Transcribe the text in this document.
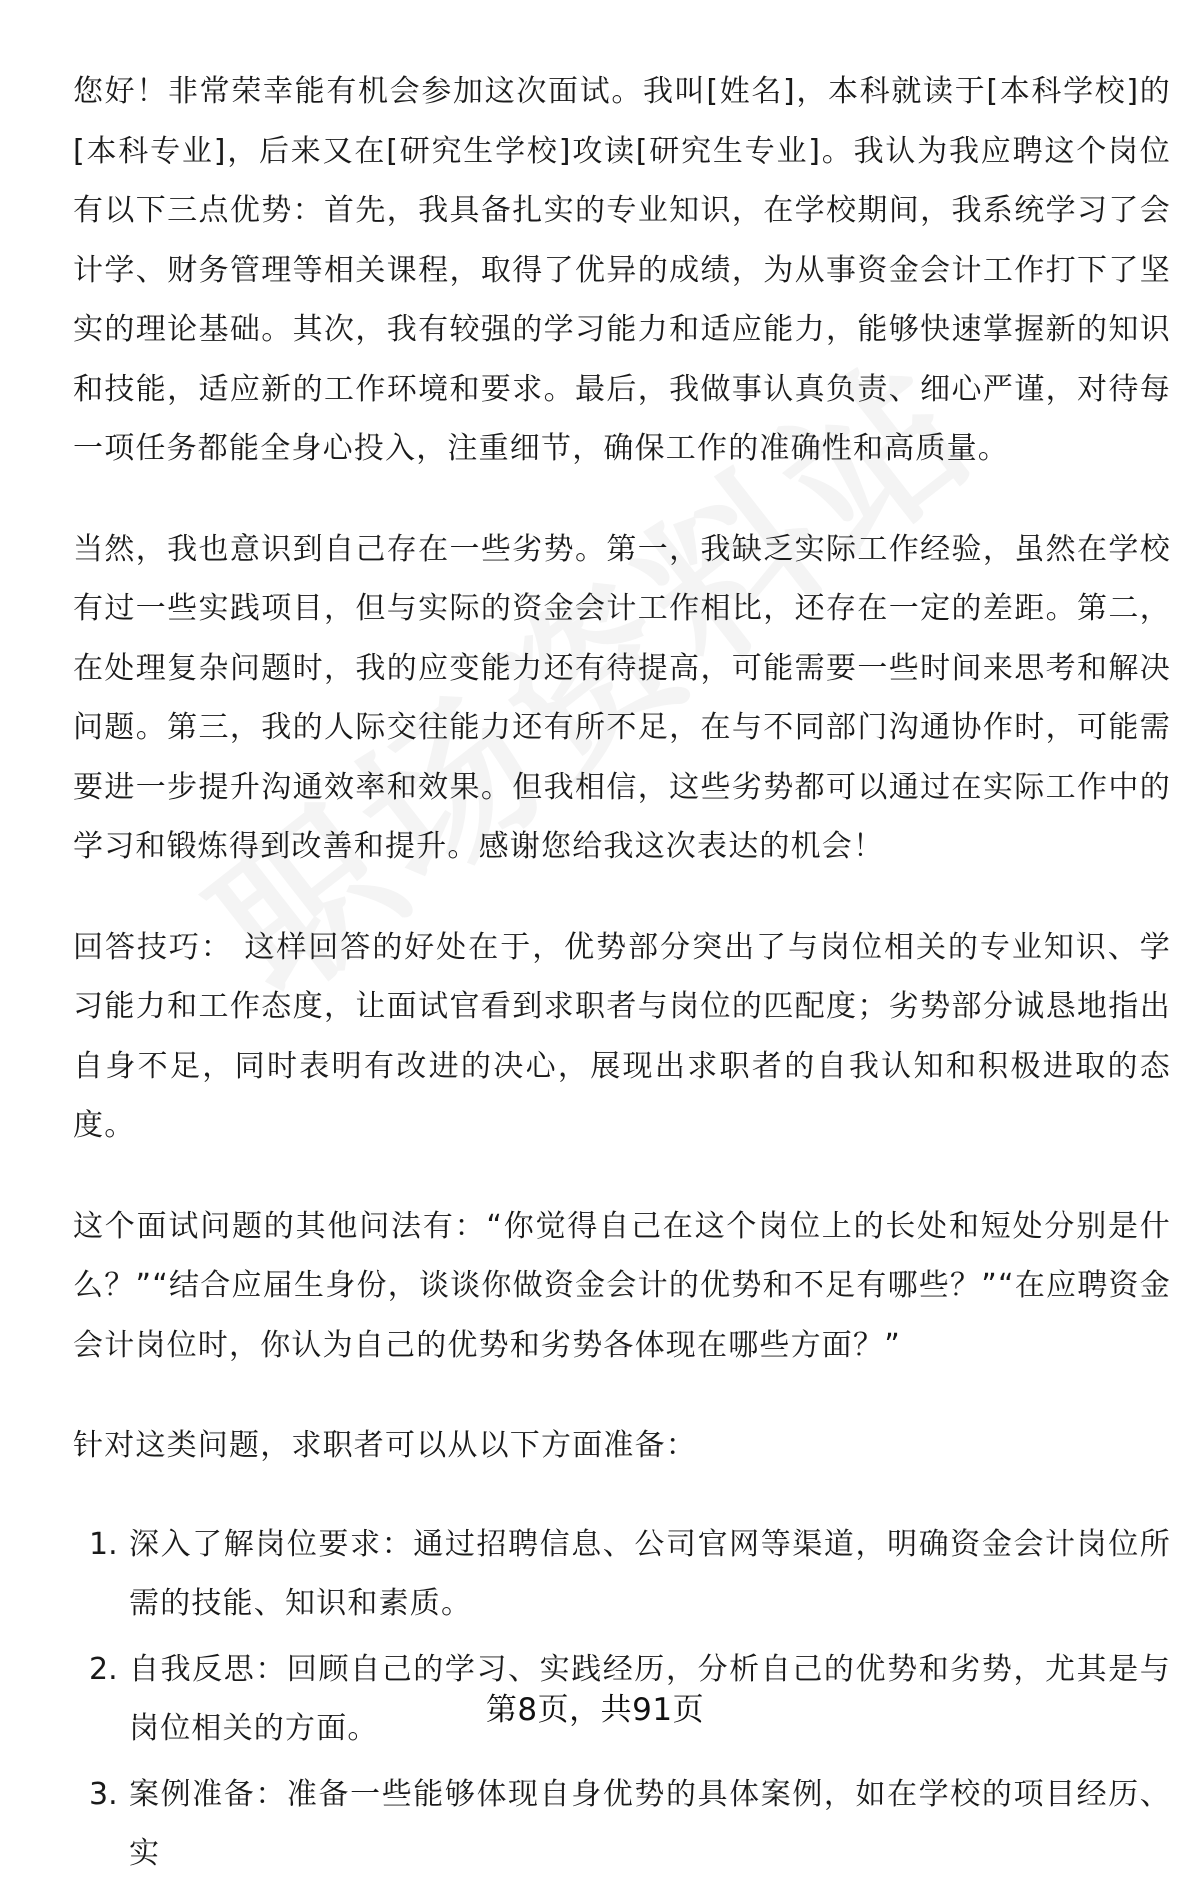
您好！非常荣幸能有机会参加这次面试。我叫[姓名]，本科就读于[本科学校]的[本科专业]，后来又在[研究生学校]攻读[研究生专业]。我认为我应聘这个岗位有以下三点优势：首先，我具备扎实的专业知识，在学校期间，我系统学习了会计学、财务管理等相关课程，取得了优异的成绩，为从事资金会计工作打下了坚实的理论基础。其次，我有较强的学习能力和适应能力，能够快速掌握新的知识和技能，适应新的工作环境和要求。最后，我做事认真负责、细心严谨，对待每一项任务都能全身心投入，注重细节，确保工作的准确性和高质量。

当然，我也意识到自己存在一些劣势。第一，我缺乏实际工作经验，虽然在学校有过一些实践项目，但与实际的资金会计工作相比，还存在一定的差距。第二，在处理复杂问题时，我的应变能力还有待提高，可能需要一些时间来思考和解决问题。第三，我的人际交往能力还有所不足，在与不同部门沟通协作时，可能需要进一步提升沟通效率和效果。但我相信，这些劣势都可以通过在实际工作中的学习和锻炼得到改善和提升。感谢您给我这次表达的机会！

回答技巧： 这样回答的好处在于，优势部分突出了与岗位相关的专业知识、学习能力和工作态度，让面试官看到求职者与岗位的匹配度；劣势部分诚恳地指出自身不足，同时表明有改进的决心，展现出求职者的自我认知和积极进取的态度。

这个面试问题的其他问法有：“你觉得自己在这个岗位上的长处和短处分别是什么？”“结合应届生身份，谈谈你做资金会计的优势和不足有哪些？”“在应聘资金会计岗位时，你认为自己的优势和劣势各体现在哪些方面？”

针对这类问题，求职者可以从以下方面准备：

1. 深入了解岗位要求：通过招聘信息、公司官网等渠道，明确资金会计岗位所需的技能、知识和素质。
2. 自我反思：回顾自己的学习、实践经历，分析自己的优势和劣势，尤其是与岗位相关的方面。
3. 案例准备：准备一些能够体现自身优势的具体案例，如在学校的项目经历、实
第8页，共91页
